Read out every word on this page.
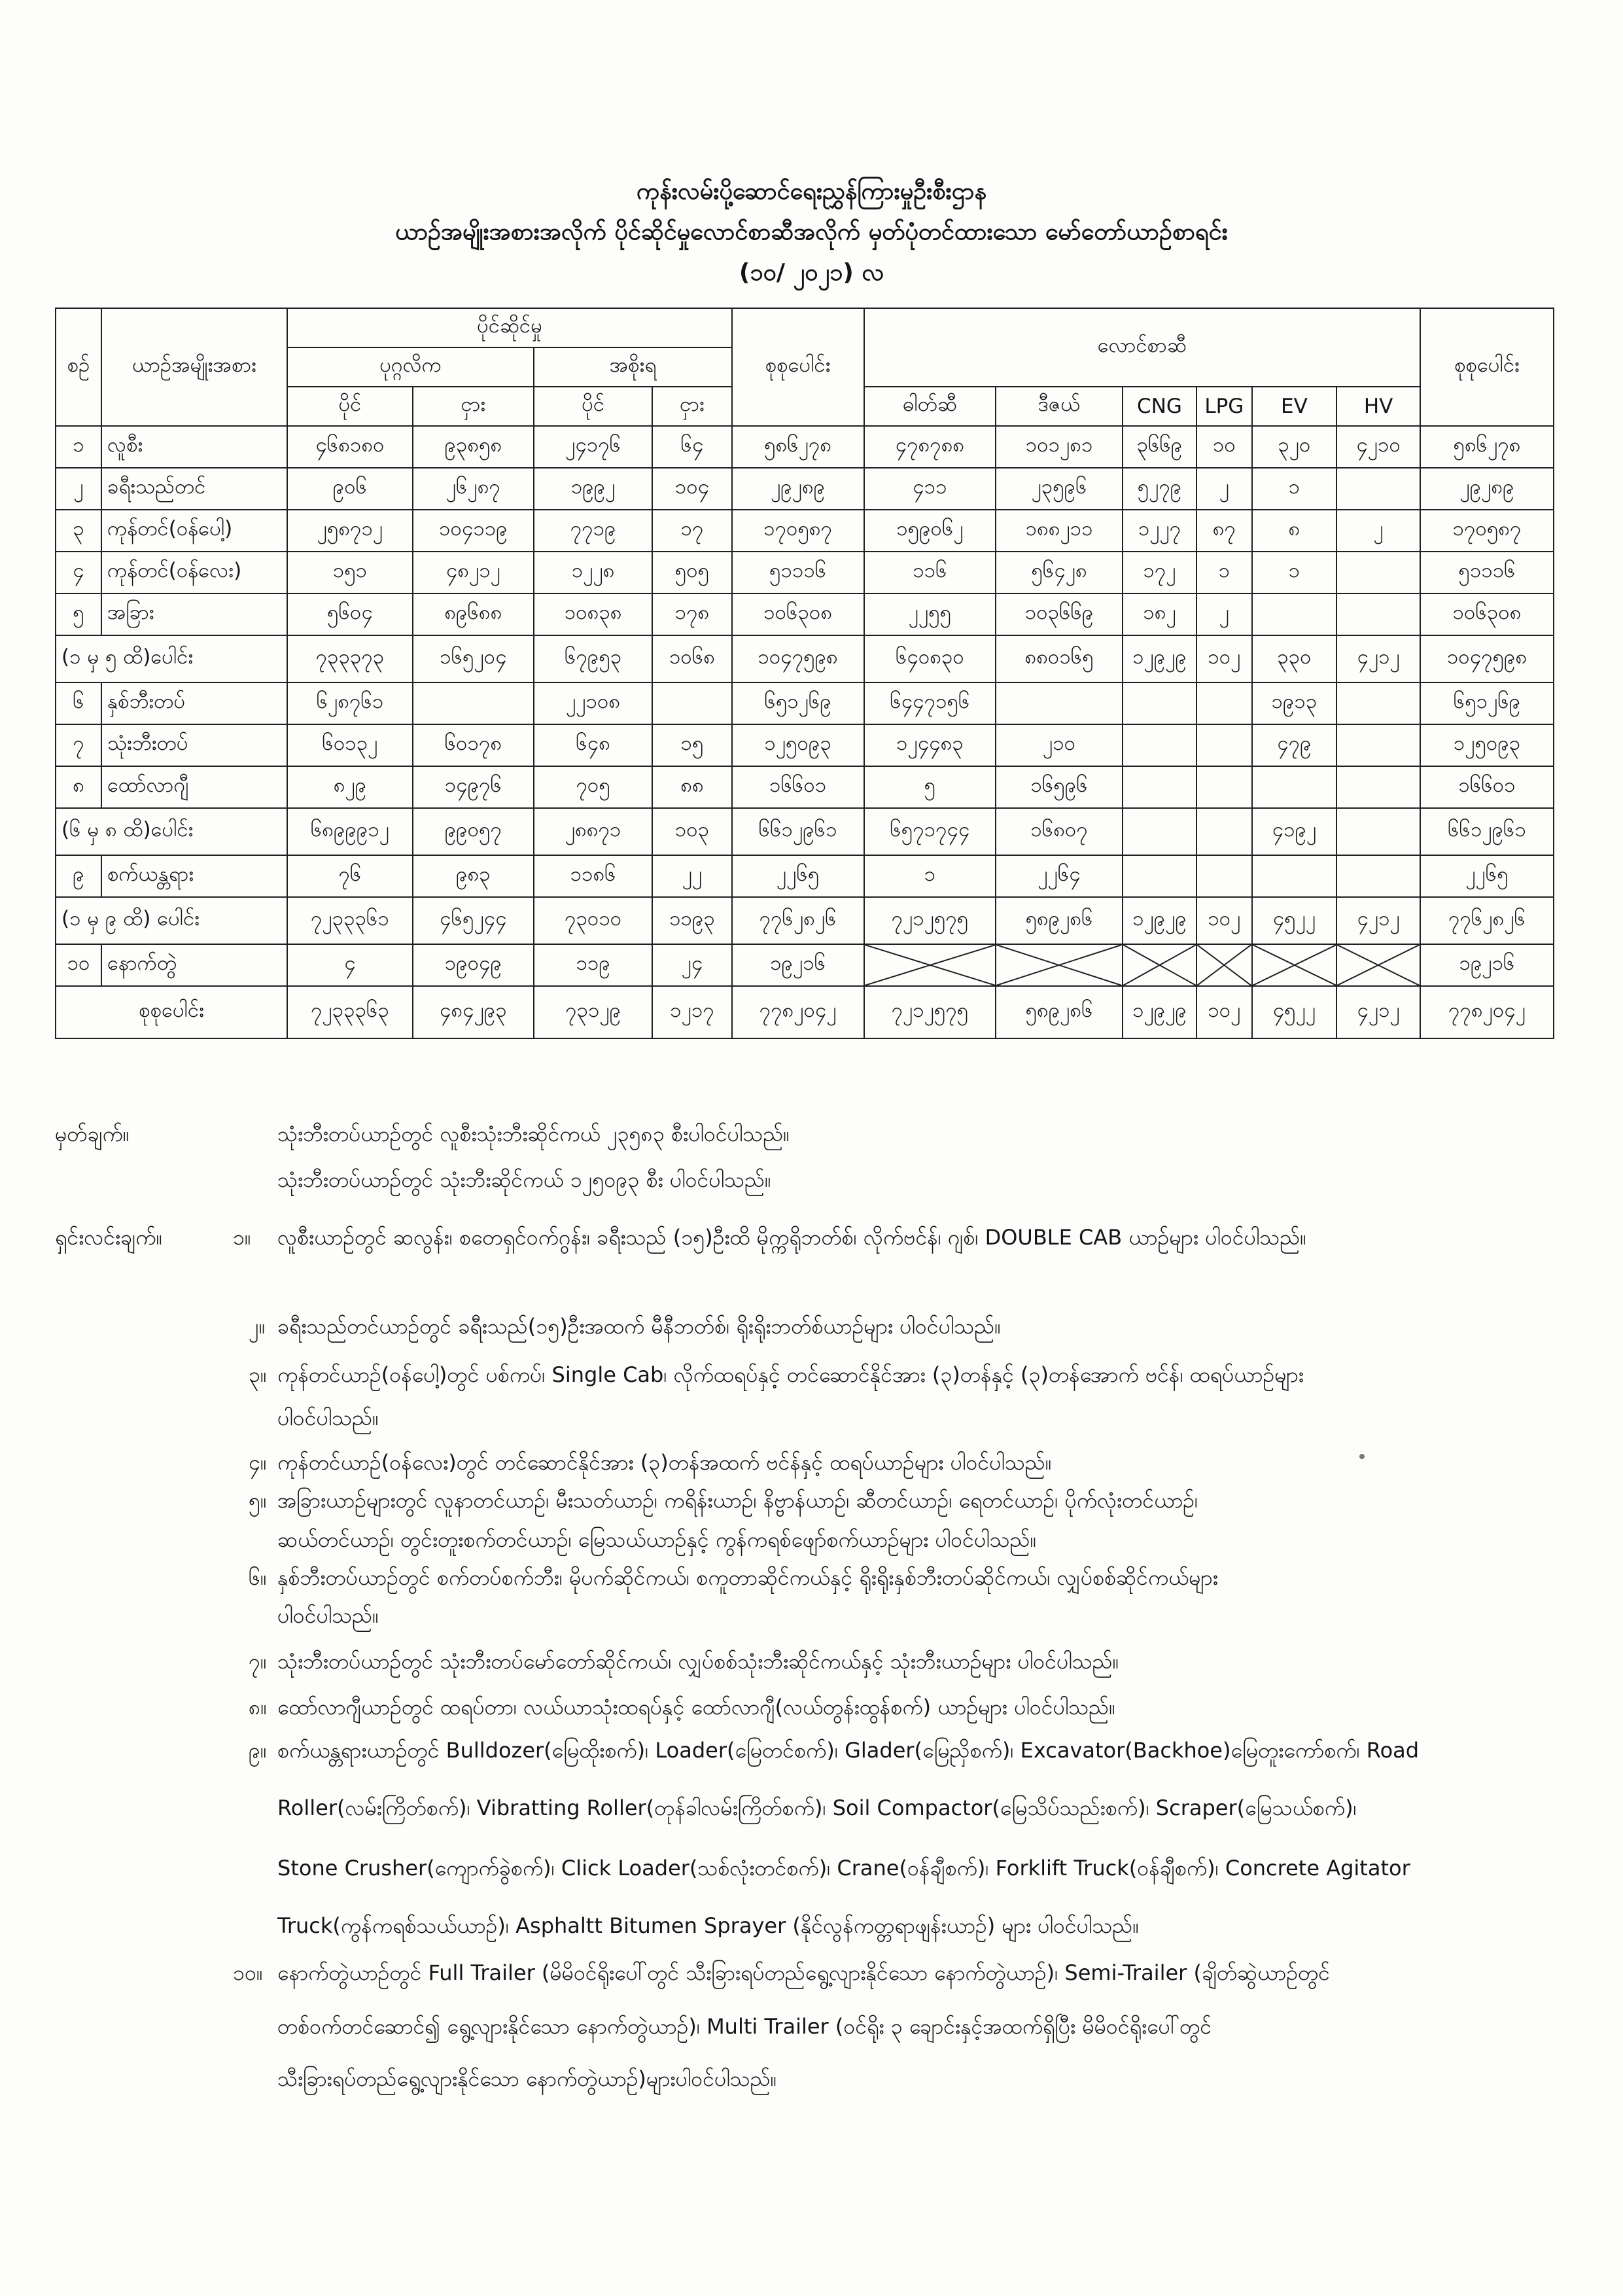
ကုန်းလမ်းပို့ဆောင်ရေးညွှန်ကြားမှုဦးစီးဌာန
ယာဉ်အမျိုးအစားအလိုက် ပိုင်ဆိုင်မှုလောင်စာဆီအလိုက် မှတ်ပုံတင်ထားသော မော်တော်ယာဉ်စာရင်း
(၁၀/ ၂၀၂၁) လ
စဉ်	ယာဉ်အမျိုးအစား	ပိုင်ဆိုင်မှု				စုစုပေါင်း	လောင်စာဆီ						စုစုပေါင်း
		ပုဂ္ဂလိက		အစိုးရ									
		ပိုင်	ငှား	ပိုင်	ငှား		ဓါတ်ဆီ	ဒီဇယ်	CNG	LPG	EV	HV	
၁	လူစီး	၄၆၈၁၈၀	၉၃၈၅၈	၂၄၁၇၆	၆၄	၅၈၆၂၇၈	၄၇၈၇၈၈	၁၀၁၂၈၁	၃၆၆၉	၁၀	၃၂၀	၄၂၁၀	၅၈၆၂၇၈
၂	ခရီးသည်တင်	၉၀၆	၂၆၂၈၇	၁၉၉၂	၁၀၄	၂၉၂၈၉	၄၁၁	၂၃၅၉၆	၅၂၇၉	၂	၁		၂၉၂၈၉
၃	ကုန်တင်(ဝန်ပေါ့)	၂၅၈၇၁၂	၁၀၄၁၁၉	၇၇၁၉	၁၇	၁၇၀၅၈၇	၁၅၉၀၆၂	၁၈၈၂၁၁	၁၂၂၇	၈၇	၈	၂	၁၇၀၅၈၇
၄	ကုန်တင်(ဝန်လေး)	၁၅၁	၄၈၂၁၂	၁၂၂၈	၅၀၅	၅၁၁၁၆	၁၁၆	၅၆၄၂၈	၁၇၂	၁	၁		၅၁၁၁၆
၅	အခြား	၅၆၀၄	၈၉၆၈၈	၁၀၈၃၈	၁၇၈	၁၀၆၃၀၈	၂၂၅၅	၁၀၃၆၆၉	၁၈၂	၂			၁၀၆၃၀၈
(၁ မှ ၅ ထိ)ပေါင်း		၇၃၃၃၇၃	၁၆၅၂၀၄	၆၇၉၅၃	၁၀၆၈	၁၀၄၇၅၉၈	၆၄၀၈၃၀	၈၈၀၁၆၅	၁၂၉၂၉	၁၀၂	၃၃၀	၄၂၁၂	၁၀၄၇၅၉၈
၆	နှစ်ဘီးတပ်	၆၂၈၇၆၁		၂၂၁၀၈		၆၅၁၂၆၉	၆၄၄၇၁၅၆				၁၉၁၃		၆၅၁၂၆၉
၇	သုံးဘီးတပ်	၆၀၁၃၂	၆၀၁၇၈	၆၄၈	၁၅	၁၂၅၀၉၃	၁၂၄၄၈၃	၂၁၀			၄၇၉		၁၂၅၀၉၃
၈	ထော်လာဂျီ	၈၂၉	၁၄၉၇၆	၇၀၅	၈၈	၁၆၆၀၁	၅	၁၆၅၉၆					၁၆၆၀၁
(၆ မှ ၈ ထိ)ပေါင်း		၆၈၉၉၉၁၂	၉၉၀၅၇	၂၈၈၇၁	၁၀၃	၆၆၁၂၉၆၁	၆၅၇၁၇၄၄	၁၆၈၀၇			၄၁၉၂		၆၆၁၂၉၆၁
၉	စက်ယန္တရား	၇၆	၉၈၃	၁၁၈၆	၂၂	၂၂၆၅	၁	၂၂၆၄					၂၂၆၅
(၁ မှ ၉ ထိ) ပေါင်း		၇၂၃၃၃၆၁	၄၆၅၂၄၄	၇၃၀၁၀	၁၁၉၃	၇၇၆၂၈၂၆	၇၂၁၂၅၇၅	၅၈၉၂၈၆	၁၂၉၂၉	၁၀၂	၄၅၂၂	၄၂၁၂	၇၇၆၂၈၂၆
၁၀	နောက်တွဲ	၄	၁၉၀၄၉	၁၁၉	၂၄	၁၉၂၁၆							၁၉၂၁၆
စုစုပေါင်း		၇၂၃၃၃၆၃	၄၈၄၂၉၃	၇၃၁၂၉	၁၂၁၇	၇၇၈၂၀၄၂	၇၂၁၂၅၇၅	၅၈၉၂၈၆	၁၂၉၂၉	၁၀၂	၄၅၂၂	၄၂၁၂	၇၇၈၂၀၄၂
မှတ်ချက်။	သုံးဘီးတပ်ယာဉ်တွင် လူစီးသုံးဘီးဆိုင်ကယ် ၂၃၅၈၃ စီးပါဝင်ပါသည်။
သုံးဘီးတပ်ယာဉ်တွင် သုံးဘီးဆိုင်ကယ် ၁၂၅၀၉၃ စီး ပါဝင်ပါသည်။
ရှင်းလင်းချက်။	၁။ လူစီးယာဉ်တွင် ဆလွန်း၊ စတေရှင်ဝက်ဂွန်း၊ ခရီးသည် (၁၅)ဦးထိ မိုက္ကရိုဘတ်စ်၊ လိုက်ဗင်န်၊ ဂျစ်၊ DOUBLE CAB ယာဉ်များ ပါဝင်ပါသည်။
၂။ ခရီးသည်တင်ယာဉ်တွင် ခရီးသည်(၁၅)ဦးအထက် မီနီဘတ်စ်၊ ရိုးရိုးဘတ်စ်ယာဉ်များ ပါဝင်ပါသည်။
၃။ ကုန်တင်ယာဉ်(ဝန်ပေါ့)တွင် ပစ်ကပ်၊ Single Cab၊ လိုက်ထရပ်နှင့် တင်ဆောင်နိုင်အား (၃)တန်နှင့် (၃)တန်အောက် ဗင်န်၊ ထရပ်ယာဉ်များ
ပါဝင်ပါသည်။
၄။ ကုန်တင်ယာဉ်(ဝန်လေး)တွင် တင်ဆောင်နိုင်အား (၃)တန်အထက် ဗင်န်နှင့် ထရပ်ယာဉ်များ ပါဝင်ပါသည်။
၅။ အခြားယာဉ်များတွင် လူနာတင်ယာဉ်၊ မီးသတ်ယာဉ်၊ ကရိန်းယာဉ်၊ နိဗ္ဗာန်ယာဉ်၊ ဆီတင်ယာဉ်၊ ရေတင်ယာဉ်၊ ပိုက်လုံးတင်ယာဉ်၊
ဆယ်တင်ယာဉ်၊ တွင်းတူးစက်တင်ယာဉ်၊ မြေသယ်ယာဉ်နှင့် ကွန်ကရစ်ဖျော်စက်ယာဉ်များ ပါဝင်ပါသည်။
၆။ နှစ်ဘီးတပ်ယာဉ်တွင် စက်တပ်စက်ဘီး၊ မိုပက်ဆိုင်ကယ်၊ စကူတာဆိုင်ကယ်နှင့် ရိုးရိုးနှစ်ဘီးတပ်ဆိုင်ကယ်၊ လျှပ်စစ်ဆိုင်ကယ်များ
ပါဝင်ပါသည်။
၇။ သုံးဘီးတပ်ယာဉ်တွင် သုံးဘီးတပ်မော်တော်ဆိုင်ကယ်၊ လျှပ်စစ်သုံးဘီးဆိုင်ကယ်နှင့် သုံးဘီးယာဉ်များ ပါဝင်ပါသည်။
၈။ ထော်လာဂျီယာဉ်တွင် ထရပ်တာ၊ လယ်ယာသုံးထရပ်နှင့် ထော်လာဂျီ(လယ်တွန်းထွန်စက်) ယာဉ်များ ပါဝင်ပါသည်။
၉။ စက်ယန္တရားယာဉ်တွင် Bulldozer(မြေထိုးစက်)၊ Loader(မြေတင်စက်)၊ Glader(မြေညှိစက်)၊ Excavator(Backhoe)မြေတူးကော်စက်၊ Road
Roller(လမ်းကြိတ်စက်)၊ Vibratting Roller(တုန်ခါလမ်းကြိတ်စက်)၊ Soil Compactor(မြေသိပ်သည်းစက်)၊ Scraper(မြေသယ်စက်)၊
Stone Crusher(ကျောက်ခွဲစက်)၊ Click Loader(သစ်လုံးတင်စက်)၊ Crane(ဝန်ချီစက်)၊ Forklift Truck(ဝန်ချီစက်)၊ Concrete Agitator
Truck(ကွန်ကရစ်သယ်ယာဉ်)၊ Asphaltt Bitumen Sprayer (နိုင်လွန်ကတ္တရာဖျန်းယာဉ်) များ ပါဝင်ပါသည်။
၁၀။ နောက်တွဲယာဉ်တွင် Full Trailer (မိမိဝင်ရိုးပေါ်တွင် သီးခြားရပ်တည်ရွေ့လျားနိုင်သော နောက်တွဲယာဉ်)၊ Semi-Trailer (ချိတ်ဆွဲယာဉ်တွင်
တစ်ဝက်တင်ဆောင်၍ ရွေ့လျားနိုင်သော နောက်တွဲယာဉ်)၊ Multi Trailer (ဝင်ရိုး ၃ ချောင်းနှင့်အထက်ရှိပြီး မိမိဝင်ရိုးပေါ်တွင်
သီးခြားရပ်တည်ရွေ့လျားနိုင်သော နောက်တွဲယာဉ်)များပါဝင်ပါသည်။
